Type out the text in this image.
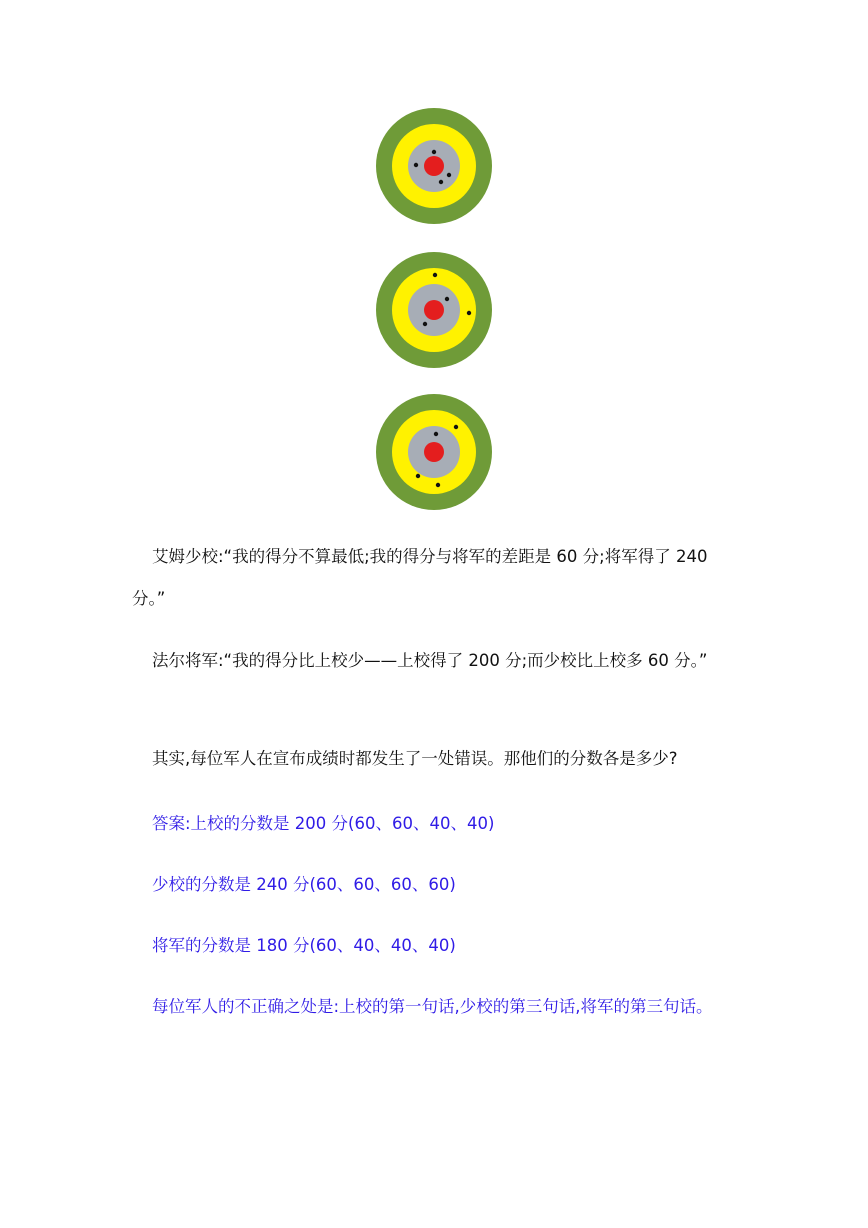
艾姆少校:“我的得分不算最低;我的得分与将军的差距是 60 分;将军得了 240 分。”

法尔将军:“我的得分比上校少——上校得了 200 分;而少校比上校多 60 分。”

其实,每位军人在宣布成绩时都发生了一处错误。那他们的分数各是多少?

答案:上校的分数是 200 分(60、60、40、40)

少校的分数是 240 分(60、60、60、60)

将军的分数是 180 分(60、40、40、40)

每位军人的不正确之处是:上校的第一句话,少校的第三句话,将军的第三句话。
